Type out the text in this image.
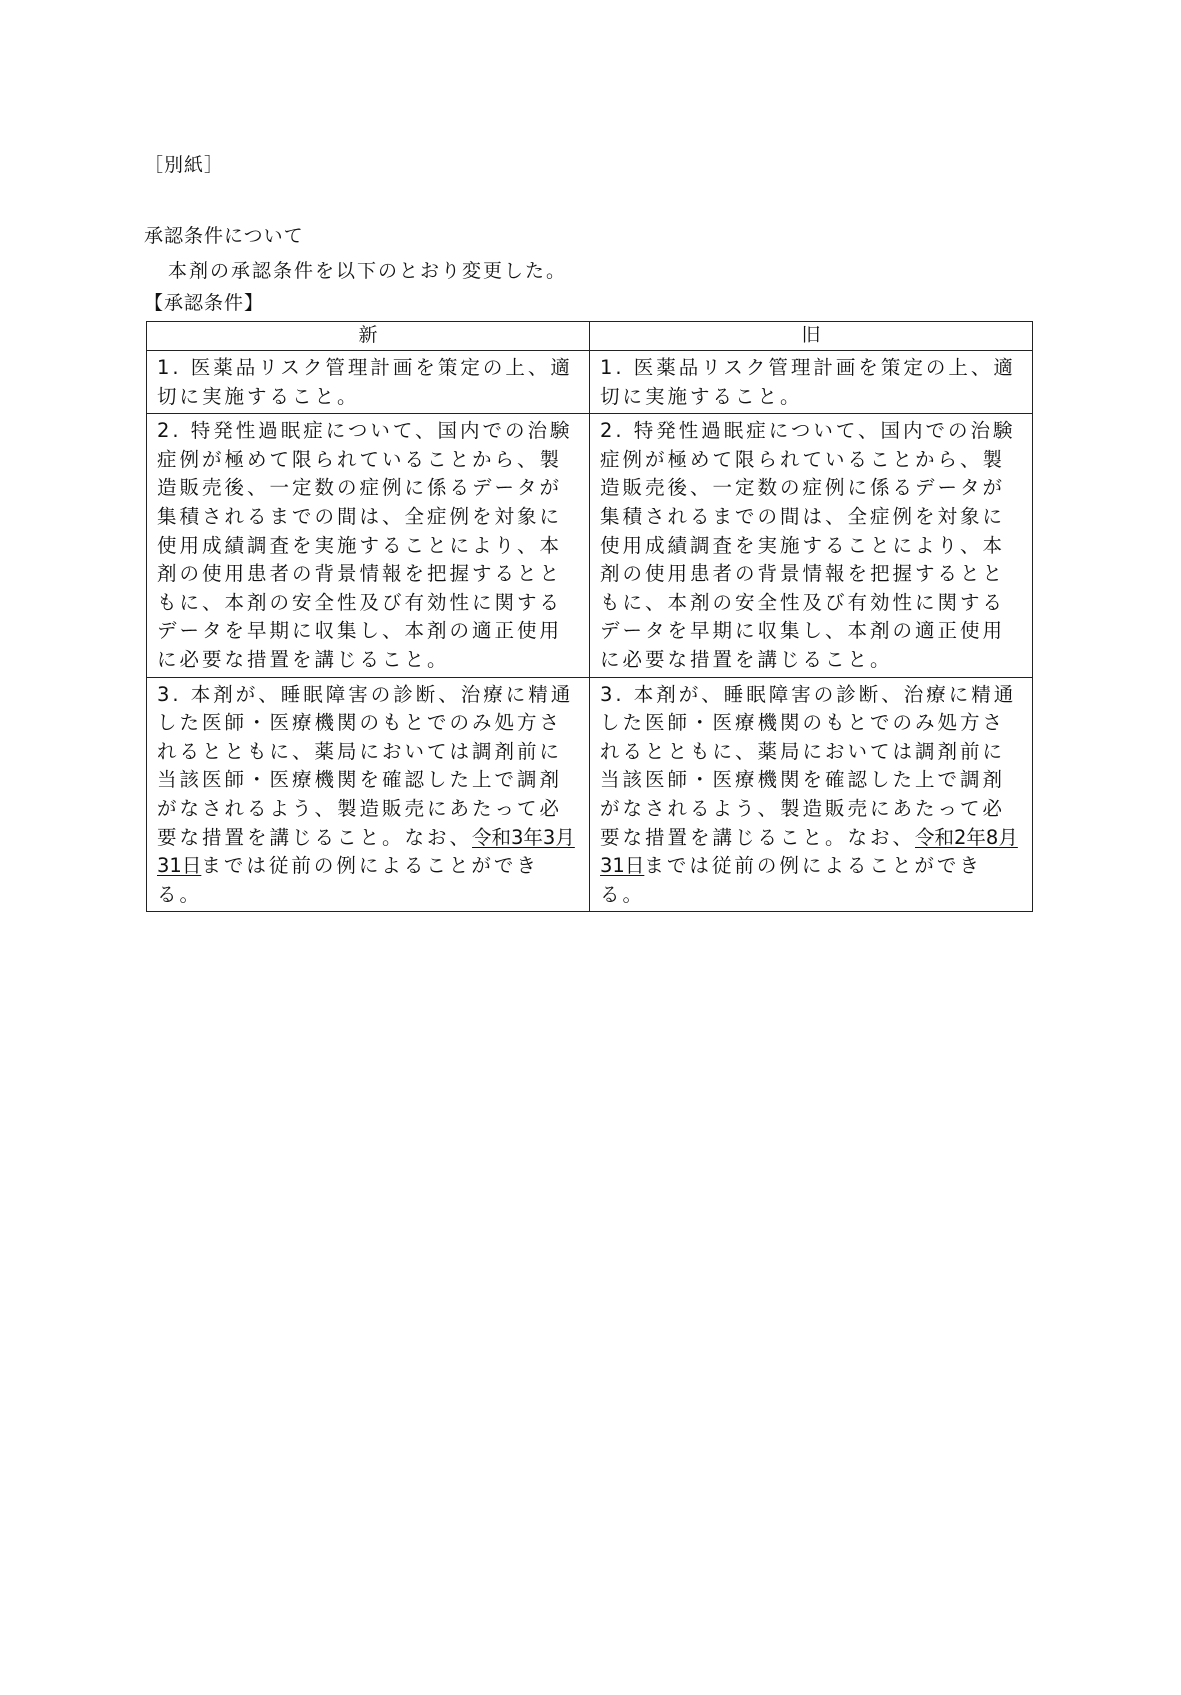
［別紙］
承認条件について
本剤の承認条件を以下のとおり変更した。
【承認条件】
新	旧
1. 医薬品リスク管理計画を策定の上、適切に実施すること。	1. 医薬品リスク管理計画を策定の上、適切に実施すること。
2. 特発性過眠症について、国内での治験症例が極めて限られていることから、製造販売後、一定数の症例に係るデータが集積されるまでの間は、全症例を対象に使用成績調査を実施することにより、本剤の使用患者の背景情報を把握するとともに、本剤の安全性及び有効性に関するデータを早期に収集し、本剤の適正使用に必要な措置を講じること。	2. 特発性過眠症について、国内での治験症例が極めて限られていることから、製造販売後、一定数の症例に係るデータが集積されるまでの間は、全症例を対象に使用成績調査を実施することにより、本剤の使用患者の背景情報を把握するとともに、本剤の安全性及び有効性に関するデータを早期に収集し、本剤の適正使用に必要な措置を講じること。
3. 本剤が、睡眠障害の診断、治療に精通した医師・医療機関のもとでのみ処方されるとともに、薬局においては調剤前に当該医師・医療機関を確認した上で調剤がなされるよう、製造販売にあたって必要な措置を講じること。なお、令和3年3月31日までは従前の例によることができる。	3. 本剤が、睡眠障害の診断、治療に精通した医師・医療機関のもとでのみ処方されるとともに、薬局においては調剤前に当該医師・医療機関を確認した上で調剤がなされるよう、製造販売にあたって必要な措置を講じること。なお、令和2年8月31日までは従前の例によることができる。
